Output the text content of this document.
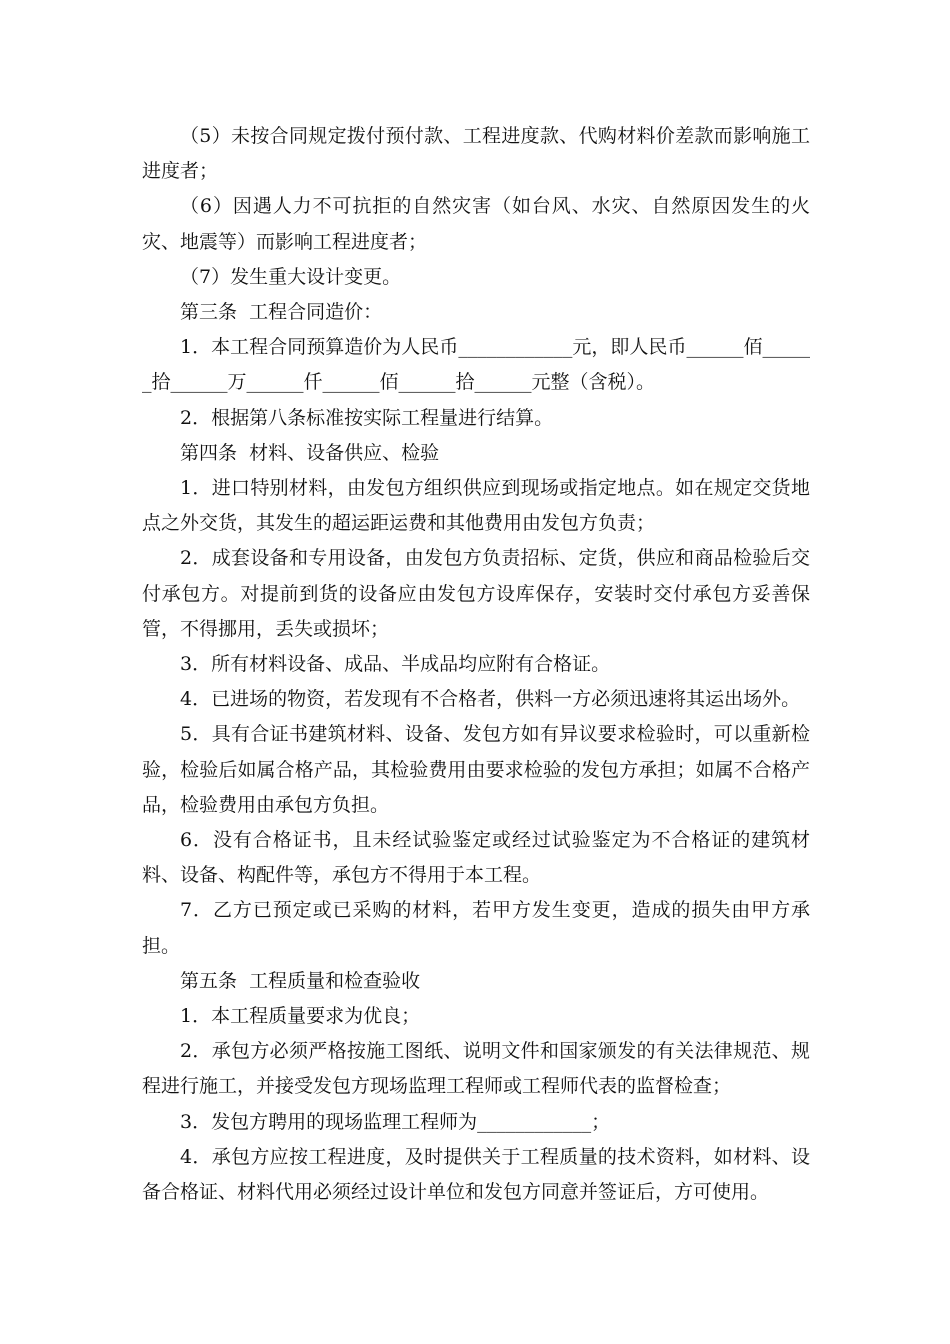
（5）未按合同规定拨付预付款、工程进度款、代购材料价差款而影响施工进度者；

（6）因遇人力不可抗拒的自然灾害（如台风、水灾、自然原因发生的火灾、地震等）而影响工程进度者；

（7）发生重大设计变更。

第三条  工程合同造价：

1．本工程合同预算造价为人民币____________元，即人民币______佰______拾______万______仟______佰______拾______元整（含税）。

2．根据第八条标准按实际工程量进行结算。

第四条  材料、设备供应、检验

1．进口特别材料，由发包方组织供应到现场或指定地点。如在规定交货地点之外交货，其发生的超运距运费和其他费用由发包方负责；

2．成套设备和专用设备，由发包方负责招标、定货，供应和商品检验后交付承包方。对提前到货的设备应由发包方设库保存，安装时交付承包方妥善保管，不得挪用，丢失或损坏；

3．所有材料设备、成品、半成品均应附有合格证。

4．已进场的物资，若发现有不合格者，供料一方必须迅速将其运出场外。

5．具有合证书建筑材料、设备、发包方如有异议要求检验时，可以重新检验，检验后如属合格产品，其检验费用由要求检验的发包方承担；如属不合格产品，检验费用由承包方负担。

6．没有合格证书，且未经试验鉴定或经过试验鉴定为不合格证的建筑材料、设备、构配件等，承包方不得用于本工程。

7．乙方已预定或已采购的材料，若甲方发生变更，造成的损失由甲方承担。

第五条  工程质量和检查验收

1．本工程质量要求为优良；

2．承包方必须严格按施工图纸、说明文件和国家颁发的有关法律规范、规程进行施工，并接受发包方现场监理工程师或工程师代表的监督检查；

3．发包方聘用的现场监理工程师为____________；

4．承包方应按工程进度，及时提供关于工程质量的技术资料，如材料、设备合格证、材料代用必须经过设计单位和发包方同意并签证后，方可使用。
